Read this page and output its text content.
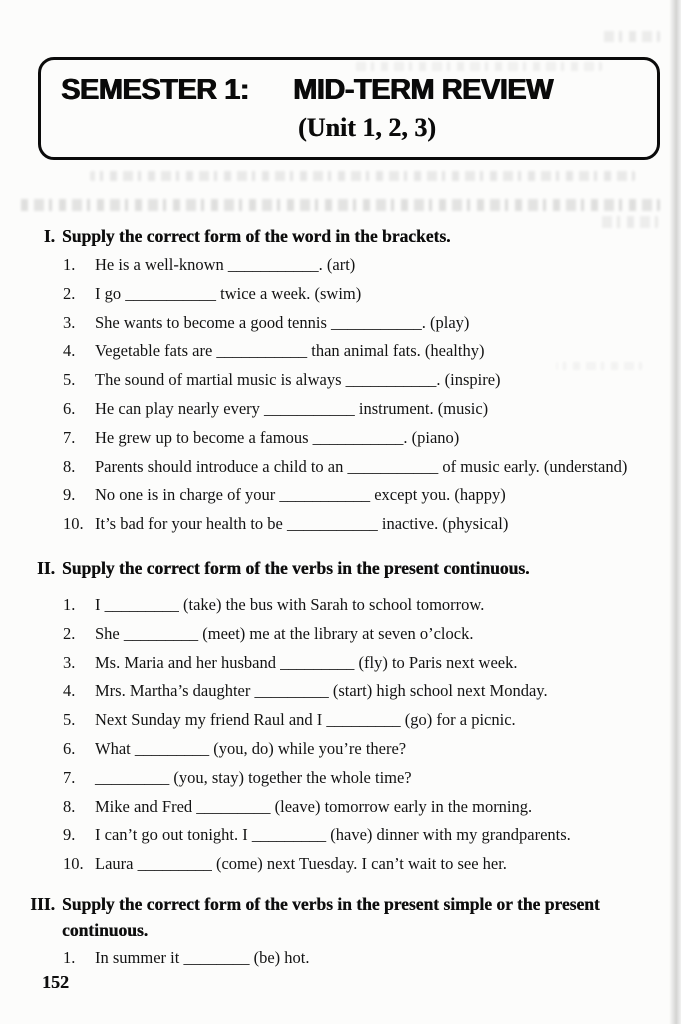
SEMESTER 1:	MID-TERM REVIEW
(Unit 1, 2, 3)
I. Supply the correct form of the word in the brackets.
1.	He is a well-known ___________. (art)
2.	I go ___________ twice a week. (swim)
3.	She wants to become a good tennis ___________. (play)
4.	Vegetable fats are ___________ than animal fats. (healthy)
5.	The sound of martial music is always ___________. (inspire)
6.	He can play nearly every ___________ instrument. (music)
7.	He grew up to become a famous ___________. (piano)
8.	Parents should introduce a child to an ___________ of music early. (understand)
9.	No one is in charge of your ___________ except you. (happy)
10. It’s bad for your health to be ___________ inactive. (physical)
II. Supply the correct form of the verbs in the present continuous.
1.	I _________ (take) the bus with Sarah to school tomorrow.
2.	She _________ (meet) me at the library at seven o’clock.
3.	Ms. Maria and her husband _________ (fly) to Paris next week.
4.	Mrs. Martha’s daughter _________ (start) high school next Monday.
5.	Next Sunday my friend Raul and I _________ (go) for a picnic.
6.	What _________ (you, do) while you’re there?
7.	_________ (you, stay) together the whole time?
8.	Mike and Fred _________ (leave) tomorrow early in the morning.
9.	I can’t go out tonight. I _________ (have) dinner with my grandparents.
10. Laura _________ (come) next Tuesday. I can’t wait to see her.
III. Supply the correct form of the verbs in the present simple or the present continuous.
1.	In summer it ________ (be) hot.
152
